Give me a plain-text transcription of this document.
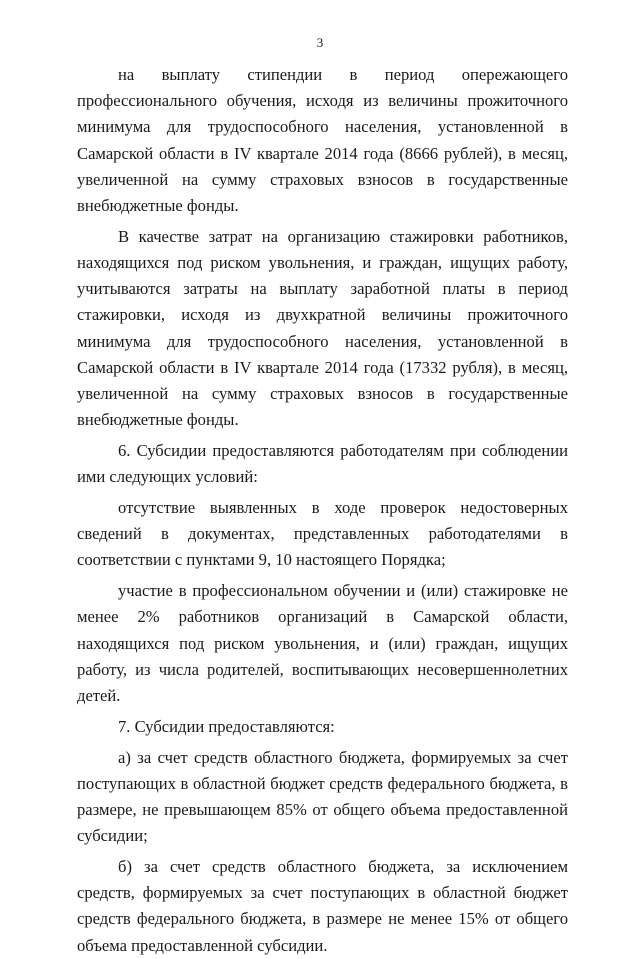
3

на выплату стипендии в период опережающего профессионального обучения, исходя из величины прожиточного минимума для трудоспособного населения, установленной в Самарской области в IV квартале 2014 года (8666 рублей), в месяц, увеличенной на сумму страховых взносов в государственные внебюджетные фонды.

В качестве затрат на организацию стажировки работников, находящихся под риском увольнения, и граждан, ищущих работу, учитываются затраты на выплату заработной платы в период стажировки, исходя из двухкратной величины прожиточного минимума для трудоспособного населения, установленной в Самарской области в IV квартале 2014 года (17332 рубля), в месяц, увеличенной на сумму страховых взносов в государственные внебюджетные фонды.

6. Субсидии предоставляются работодателям при соблюдении ими следующих условий:

отсутствие выявленных в ходе проверок недостоверных сведений в документах, представленных работодателями в соответствии с пунктами 9, 10 настоящего Порядка;

участие в профессиональном обучении и (или) стажировке не менее 2% работников организаций в Самарской области, находящихся под риском увольнения, и (или) граждан, ищущих работу, из числа родителей, воспитывающих несовершеннолетних детей.

7. Субсидии предоставляются:

а) за счет средств областного бюджета, формируемых за счет поступающих в областной бюджет средств федерального бюджета, в размере, не превышающем 85% от общего объема предоставленной субсидии;

б) за счет средств областного бюджета, за исключением средств, формируемых за счет поступающих в областной бюджет средств федерального бюджета, в размере не менее 15% от общего объема предоставленной субсидии.
